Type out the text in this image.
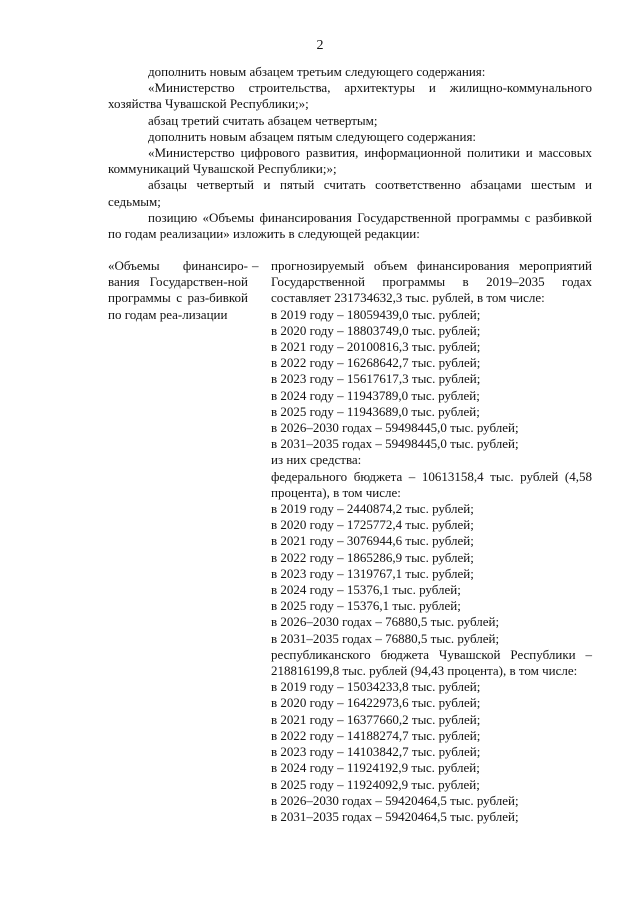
2

дополнить новым абзацем третьим следующего содержания:

«Министерство строительства, архитектуры и жилищно-коммунального хозяйства Чувашской Республики;»;

абзац третий считать абзацем четвертым;

дополнить новым абзацем пятым следующего содержания:

«Министерство цифрового развития, информационной политики и массовых коммуникаций Чувашской Республики;»;

абзацы четвертый и пятый считать соответственно абзацами шестым и седьмым;

позицию «Объемы финансирования Государственной программы с разбивкой по годам реализации» изложить в следующей редакции:

«Объемы финансиро-вания Государствен-ной программы с раз-бивкой по годам реа-лизации
– прогнозируемый объем финансирования мероприятий Государственной программы в 2019–2035 годах составляет 231734632,3 тыс. рублей, в том числе:

в 2019 году – 18059439,0 тыс. рублей;

в 2020 году – 18803749,0 тыс. рублей;

в 2021 году – 20100816,3 тыс. рублей;

в 2022 году – 16268642,7 тыс. рублей;

в 2023 году – 15617617,3 тыс. рублей;

в 2024 году – 11943789,0 тыс. рублей;

в 2025 году – 11943689,0 тыс. рублей;

в 2026–2030 годах – 59498445,0 тыс. рублей;

в 2031–2035 годах – 59498445,0 тыс. рублей;

из них средства:

федерального бюджета – 10613158,4 тыс. рублей (4,58 процента), в том числе:

в 2019 году – 2440874,2 тыс. рублей;

в 2020 году – 1725772,4 тыс. рублей;

в 2021 году – 3076944,6 тыс. рублей;

в 2022 году – 1865286,9 тыс. рублей;

в 2023 году – 1319767,1 тыс. рублей;

в 2024 году – 15376,1 тыс. рублей;

в 2025 году – 15376,1 тыс. рублей;

в 2026–2030 годах – 76880,5 тыс. рублей;

в 2031–2035 годах – 76880,5 тыс. рублей;

республиканского бюджета Чувашской Республики – 218816199,8 тыс. рублей (94,43 процента), в том числе:

в 2019 году – 15034233,8 тыс. рублей;

в 2020 году – 16422973,6 тыс. рублей;

в 2021 году – 16377660,2 тыс. рублей;

в 2022 году – 14188274,7 тыс. рублей;

в 2023 году – 14103842,7 тыс. рублей;

в 2024 году – 11924192,9 тыс. рублей;

в 2025 году – 11924092,9 тыс. рублей;

в 2026–2030 годах – 59420464,5 тыс. рублей;

в 2031–2035 годах – 59420464,5 тыс. рублей;
